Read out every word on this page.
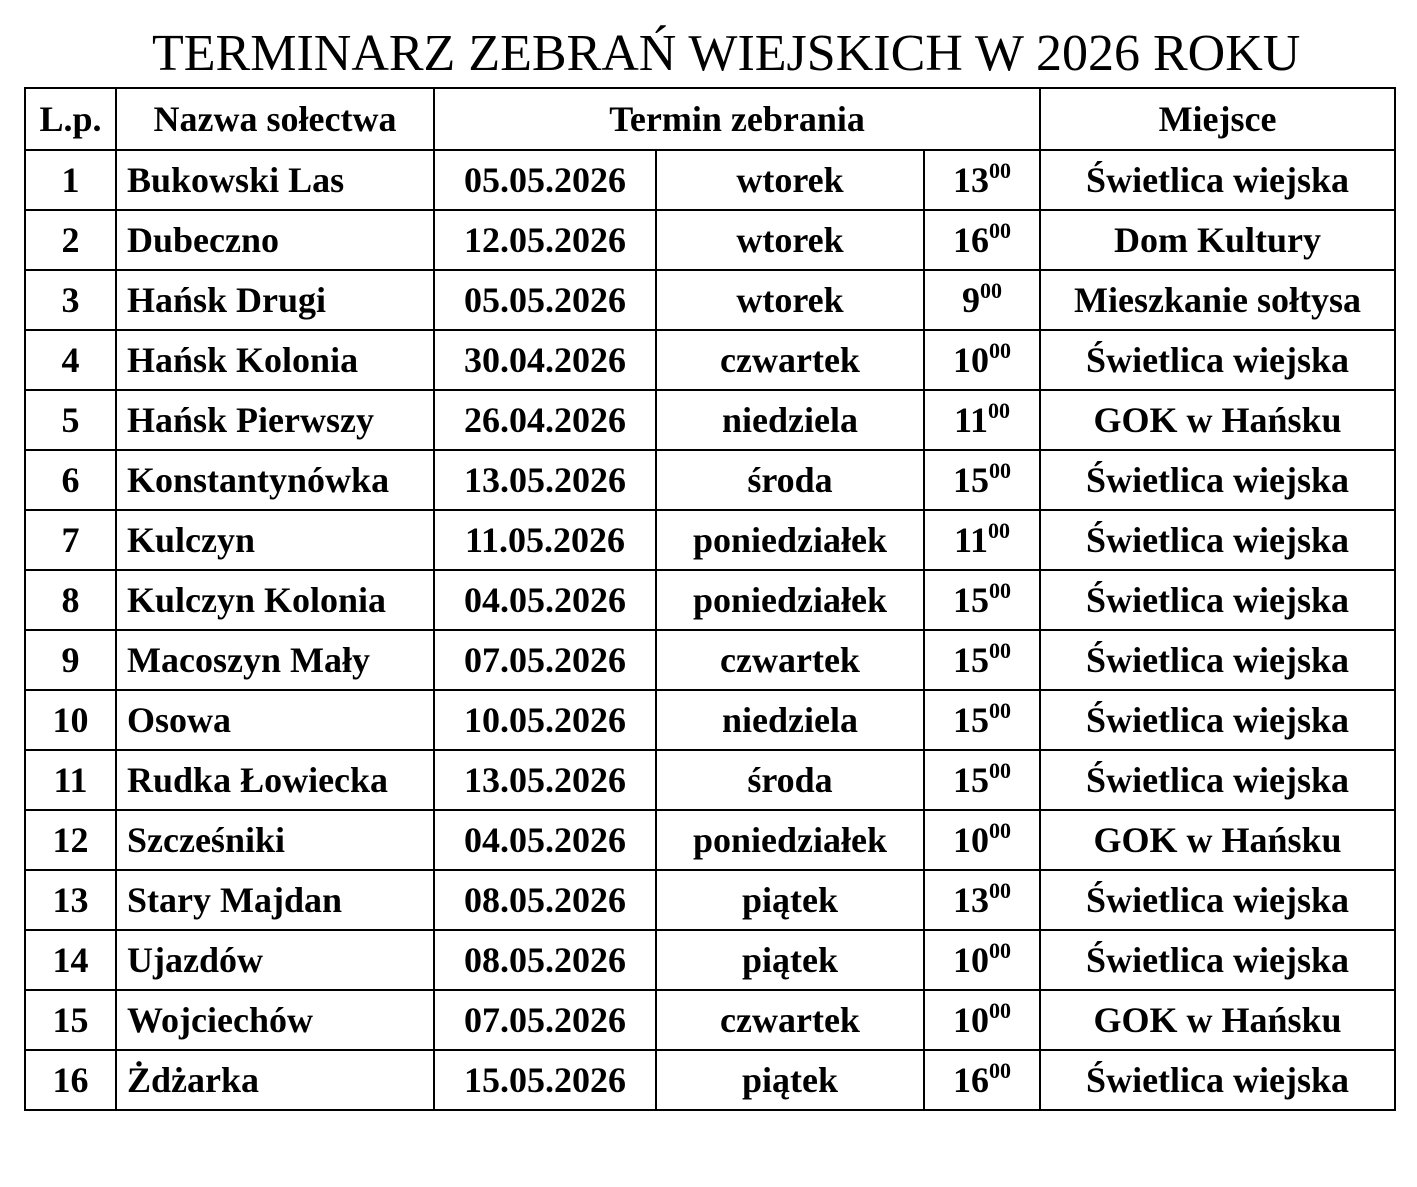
TERMINARZ ZEBRAŃ WIEJSKICH W 2026 ROKU
L.p.	Nazwa sołectwa	Termin zebrania			Miejsce
1	Bukowski Las	05.05.2026	wtorek	$13^{00}$	Świetlica wiejska
2	Dubeczno	12.05.2026	wtorek	$16^{00}$	Dom Kultury
3	Hańsk Drugi	05.05.2026	wtorek	$9^{00}$	Mieszkanie sołtysa
4	Hańsk Kolonia	30.04.2026	czwartek	$10^{00}$	Świetlica wiejska
5	Hańsk Pierwszy	26.04.2026	niedziela	$11^{00}$	GOK w Hańsku
6	Konstantynówka	13.05.2026	środa	$15^{00}$	Świetlica wiejska
7	Kulczyn	11.05.2026	poniedziałek	$11^{00}$	Świetlica wiejska
8	Kulczyn Kolonia	04.05.2026	poniedziałek	$15^{00}$	Świetlica wiejska
9	Macoszyn Mały	07.05.2026	czwartek	$15^{00}$	Świetlica wiejska
10	Osowa	10.05.2026	niedziela	$15^{00}$	Świetlica wiejska
11	Rudka Łowiecka	13.05.2026	środa	$15^{00}$	Świetlica wiejska
12	Szcześniki	04.05.2026	poniedziałek	$10^{00}$	GOK w Hańsku
13	Stary Majdan	08.05.2026	piątek	$13^{00}$	Świetlica wiejska
14	Ujazdów	08.05.2026	piątek	$10^{00}$	Świetlica wiejska
15	Wojciechów	07.05.2026	czwartek	$10^{00}$	GOK w Hańsku
16	Żdżarka	15.05.2026	piątek	$16^{00}$	Świetlica wiejska
